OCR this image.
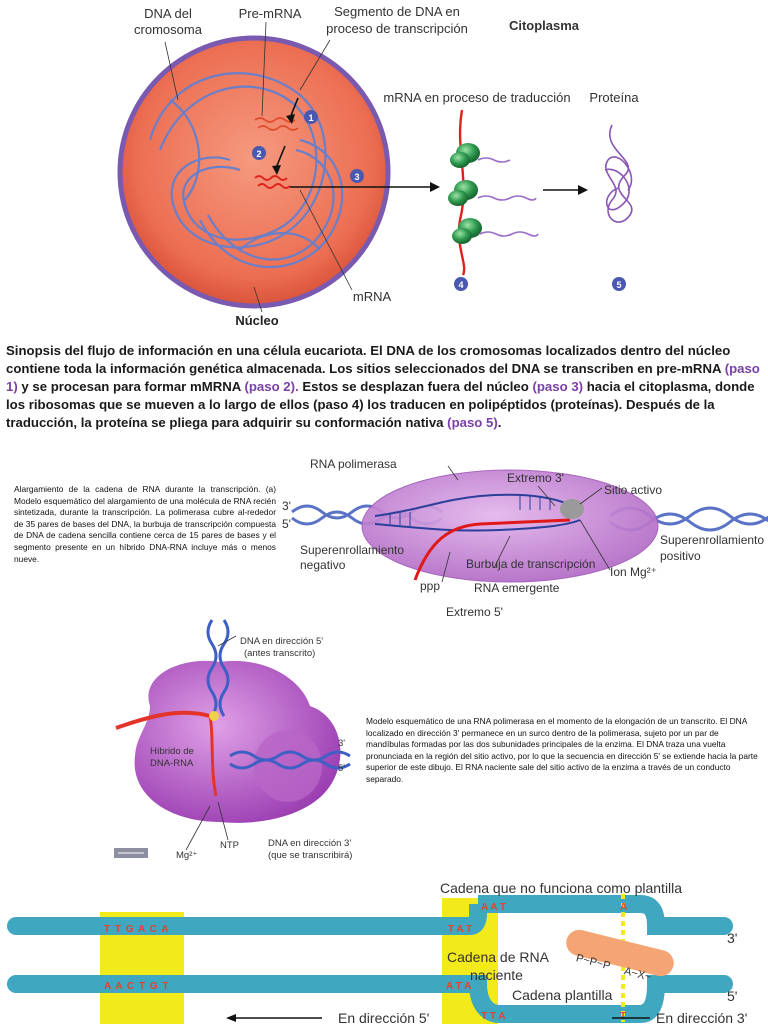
1
2
3
4	5
DNA del
cromosoma
Pre-mRNA	Segmento de DNA en
proceso de transcripción	Citoplasma
mRNA en proceso de traducción Proteína
mRNA
Núcleo
Sinopsis del flujo de información en una célula eucariota. El DNA de los cromosomas localizados dentro del núcleo contiene toda la información genética almacenada. Los sitios seleccionados del DNA se transcriben en pre-mRNA (paso 1) y se procesan para formar mMRNA (paso 2). Estos se desplazan fuera del núcleo (paso 3) hacia el citoplasma, donde los ribosomas que se mueven a lo largo de ellos (paso 4) los traducen en polipéptidos (proteínas). Después de la traducción, la proteína se pliega para adquirir su conformación nativa (paso 5).
Alargamiento de la cadena de RNA durante la transcripción. (a) Modelo esquemático del alargamiento de una molécula de RNA recién sintetizada, durante la transcripción. La polimerasa cubre al-rededor de 35 pares de bases del DNA, la burbuja de transcripción compuesta de DNA de cadena sencilla contiene cerca de 15 pares de bases y el segmento presente en un híbrido DNA-RNA incluye más o menos nueve.
RNA polimerasa
Extremo 3'
Sitio activo
3'
5'
Superenrollamiento
negativo
Superenrollamiento
positivo
Burbuja de transcripción
Ion Mg²⁺
RNA emergente
ppp
Extremo 5'
DNA en dirección 5'
(antes transcrito)
Híbrido de
DNA-RNA
3'
5'
NTP
Mg²⁺
DNA en dirección 3'
(que se transcribirá)
Modelo esquemático de una RNA polimerasa en el momento de la elongación de un transcrito. El DNA localizado en dirección 3' permanece en un surco dentro de la polimerasa, sujeto por un par de mandíbulas formadas por las dos subunidades principales de la enzima. El DNA traza una vuelta pronunciada en la región del sitio activo, por lo que la secuencia en dirección 5' se extiende hacia la parte superior de este dibujo. El RNA naciente sale del sitio activo de la enzima a través de un conducto separado.
T T G A C A
A A C T G T
A A T
T A T
A T A
T T A
A
T
Cadena que no funciona como plantilla
3'
5'
Cadena de RNA
naciente
P~P~P
A~X~
Cadena plantilla
En dirección 5'	En dirección 3'
